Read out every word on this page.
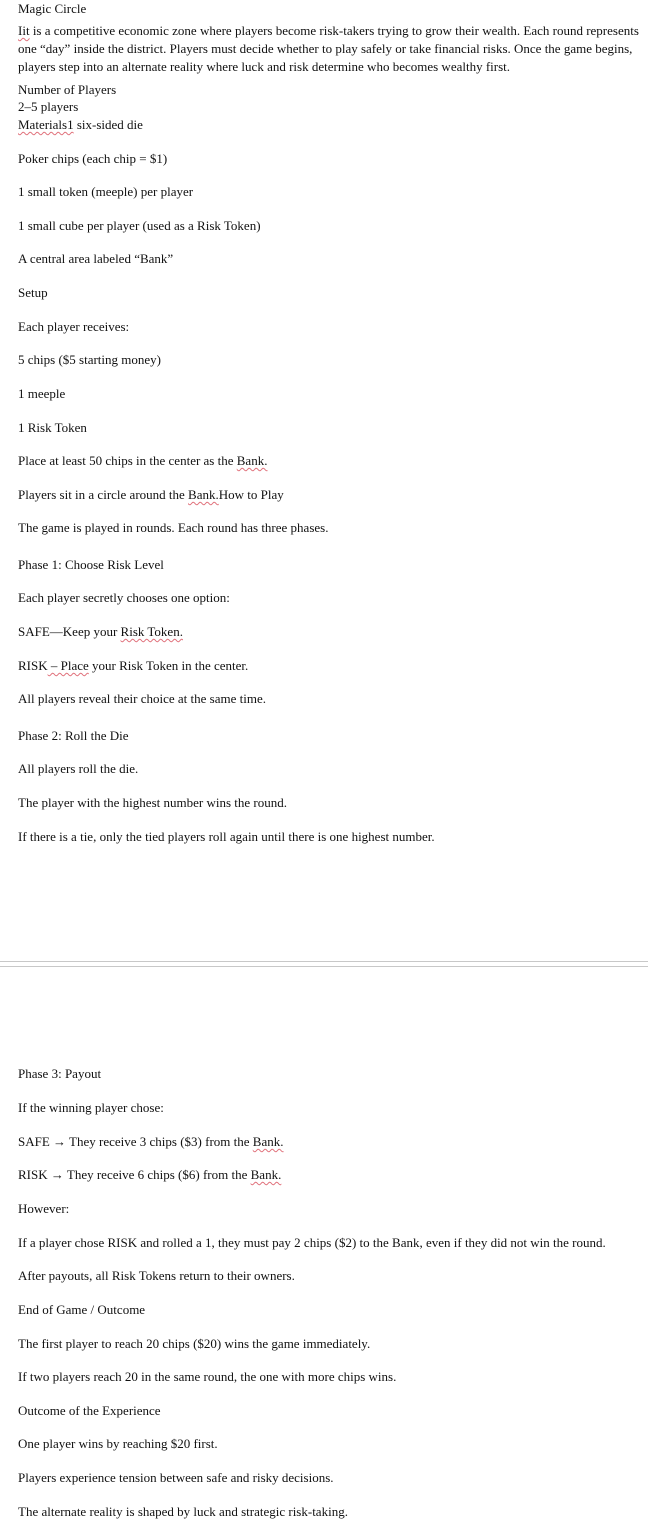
Magic Circle
Iit is a competitive economic zone where players become risk-takers trying to grow their wealth. Each round represents one “day” inside the district. Players must decide whether to play safely or take financial risks. Once the game begins, players step into an alternate reality where luck and risk determine who becomes wealthy first.
Number of Players
2–5 players
Materials1 six-sided die
Poker chips (each chip = $1)
1 small token (meeple) per player
1 small cube per player (used as a Risk Token)
A central area labeled “Bank”
Setup
Each player receives:
5 chips ($5 starting money)
1 meeple
1 Risk Token
Place at least 50 chips in the center as the Bank.
Players sit in a circle around the Bank.How to Play
The game is played in rounds. Each round has three phases.
Phase 1: Choose Risk Level
Each player secretly chooses one option:
SAFE—Keep your Risk Token.
RISK – Place your Risk Token in the center.
All players reveal their choice at the same time.
Phase 2: Roll the Die
All players roll the die.
The player with the highest number wins the round.
If there is a tie, only the tied players roll again until there is one highest number.
Phase 3: Payout
If the winning player chose:
SAFE → They receive 3 chips ($3) from the Bank.
RISK → They receive 6 chips ($6) from the Bank.
However:
If a player chose RISK and rolled a 1, they must pay 2 chips ($2) to the Bank, even if they did not win the round.
After payouts, all Risk Tokens return to their owners.
End of Game / Outcome
The first player to reach 20 chips ($20) wins the game immediately.
If two players reach 20 in the same round, the one with more chips wins.
Outcome of the Experience
One player wins by reaching $20 first.
Players experience tension between safe and risky decisions.
The alternate reality is shaped by luck and strategic risk-taking.
